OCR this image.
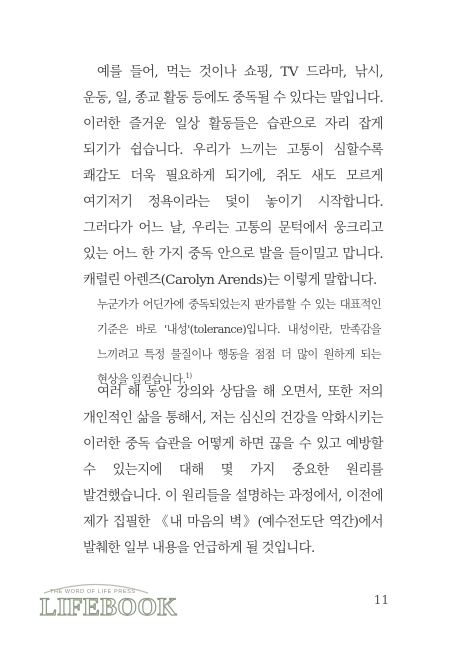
예를 들어, 먹는 것이나 쇼핑, TV 드라마, 낚시, 운동, 일, 종교 활동 등에도 중독될 수 있다는 말입니다. 이러한 즐거운 일상 활동들은 습관으로 자리 잡게 되기가 쉽습니다. 우리가 느끼는 고통이 심할수록 쾌감도 더욱 필요하게 되기에, 쥐도 새도 모르게 여기저기 정욕이라는 덫이 놓이기 시작합니다. 그러다가 어느 날, 우리는 고통의 문턱에서 웅크리고 있는 어느 한 가지 중독 안으로 발을 들이밀고 맙니다. 캐럴린 아렌즈(Carolyn Arends)는 이렇게 말합니다.

누군가가 어딘가에 중독되었는지 판가름할 수 있는 대표적인 기준은 바로 '내성'(tolerance)입니다. 내성이란, 만족감을 느끼려고 특정 물질이나 행동을 점점 더 많이 원하게 되는 현상을 일컫습니다.$^{1)}$

여러 해 동안 강의와 상담을 해 오면서, 또한 저의 개인적인 삶을 통해서, 저는 심신의 건강을 악화시키는 이러한 중독 습관을 어떻게 하면 끊을 수 있고 예방할 수 있는지에 대해 몇 가지 중요한 원리를 발견했습니다. 이 원리들을 설명하는 과정에서, 이전에 제가 집필한 《내 마음의 벽》(예수전도단 역간)에서 발췌한 일부 내용을 언급하게 될 것입니다.

THE WORD OF LIFE PRESS
LIFEBOOK	11
